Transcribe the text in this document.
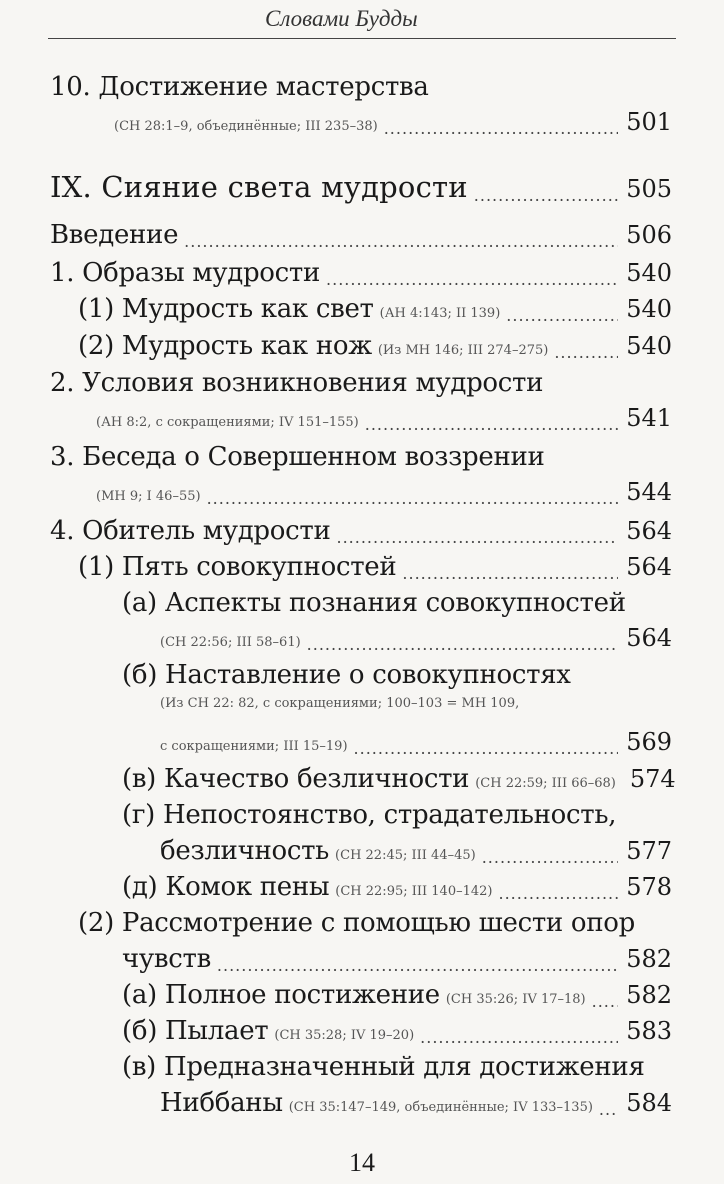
Словами Будды
10. Достижение мастерства
(СН 28:1–9, объединённые; III 235–38) .....	501
IX. Сияние света мудрости .....	505
Введение .....	506
1. Образы мудрости .....	540
(1) Мудрость как свет (АН 4:143; II 139) .....	540
(2) Мудрость как нож (Из МН 146; III 274–275) .....	540
2. Условия возникновения мудрости
(АН 8:2, с сокращениями; IV 151–155) .....	541
3. Беседа о Совершенном воззрении
(МН 9; I 46–55) .....	544
4. Обитель мудрости .....	564
(1) Пять совокупностей .....	564
(а) Аспекты познания совокупностей
(СН 22:56; III 58–61) .....	564
(б) Наставление о совокупностях
(Из СН 22: 82, с сокращениями; 100–103 = МН 109,
с сокращениями; III 15–19) .....	569
(в) Качество безличности (СН 22:59; III 66–68) 574
(г) Непостоянство, страдательность,
безличность (СН 22:45; III 44–45) .....	577
(д) Комок пены (СН 22:95; III 140–142) .....	578
(2) Рассмотрение с помощью шести опор
чувств .....	582
(а) Полное постижение (СН 35:26; IV 17–18) ..... 582
(б) Пылает (СН 35:28; IV 19–20) .....	583
(в) Предназначенный для достижения
Ниббаны (СН 35:147–149, объединённые; IV 133–135) ..... 584
14
